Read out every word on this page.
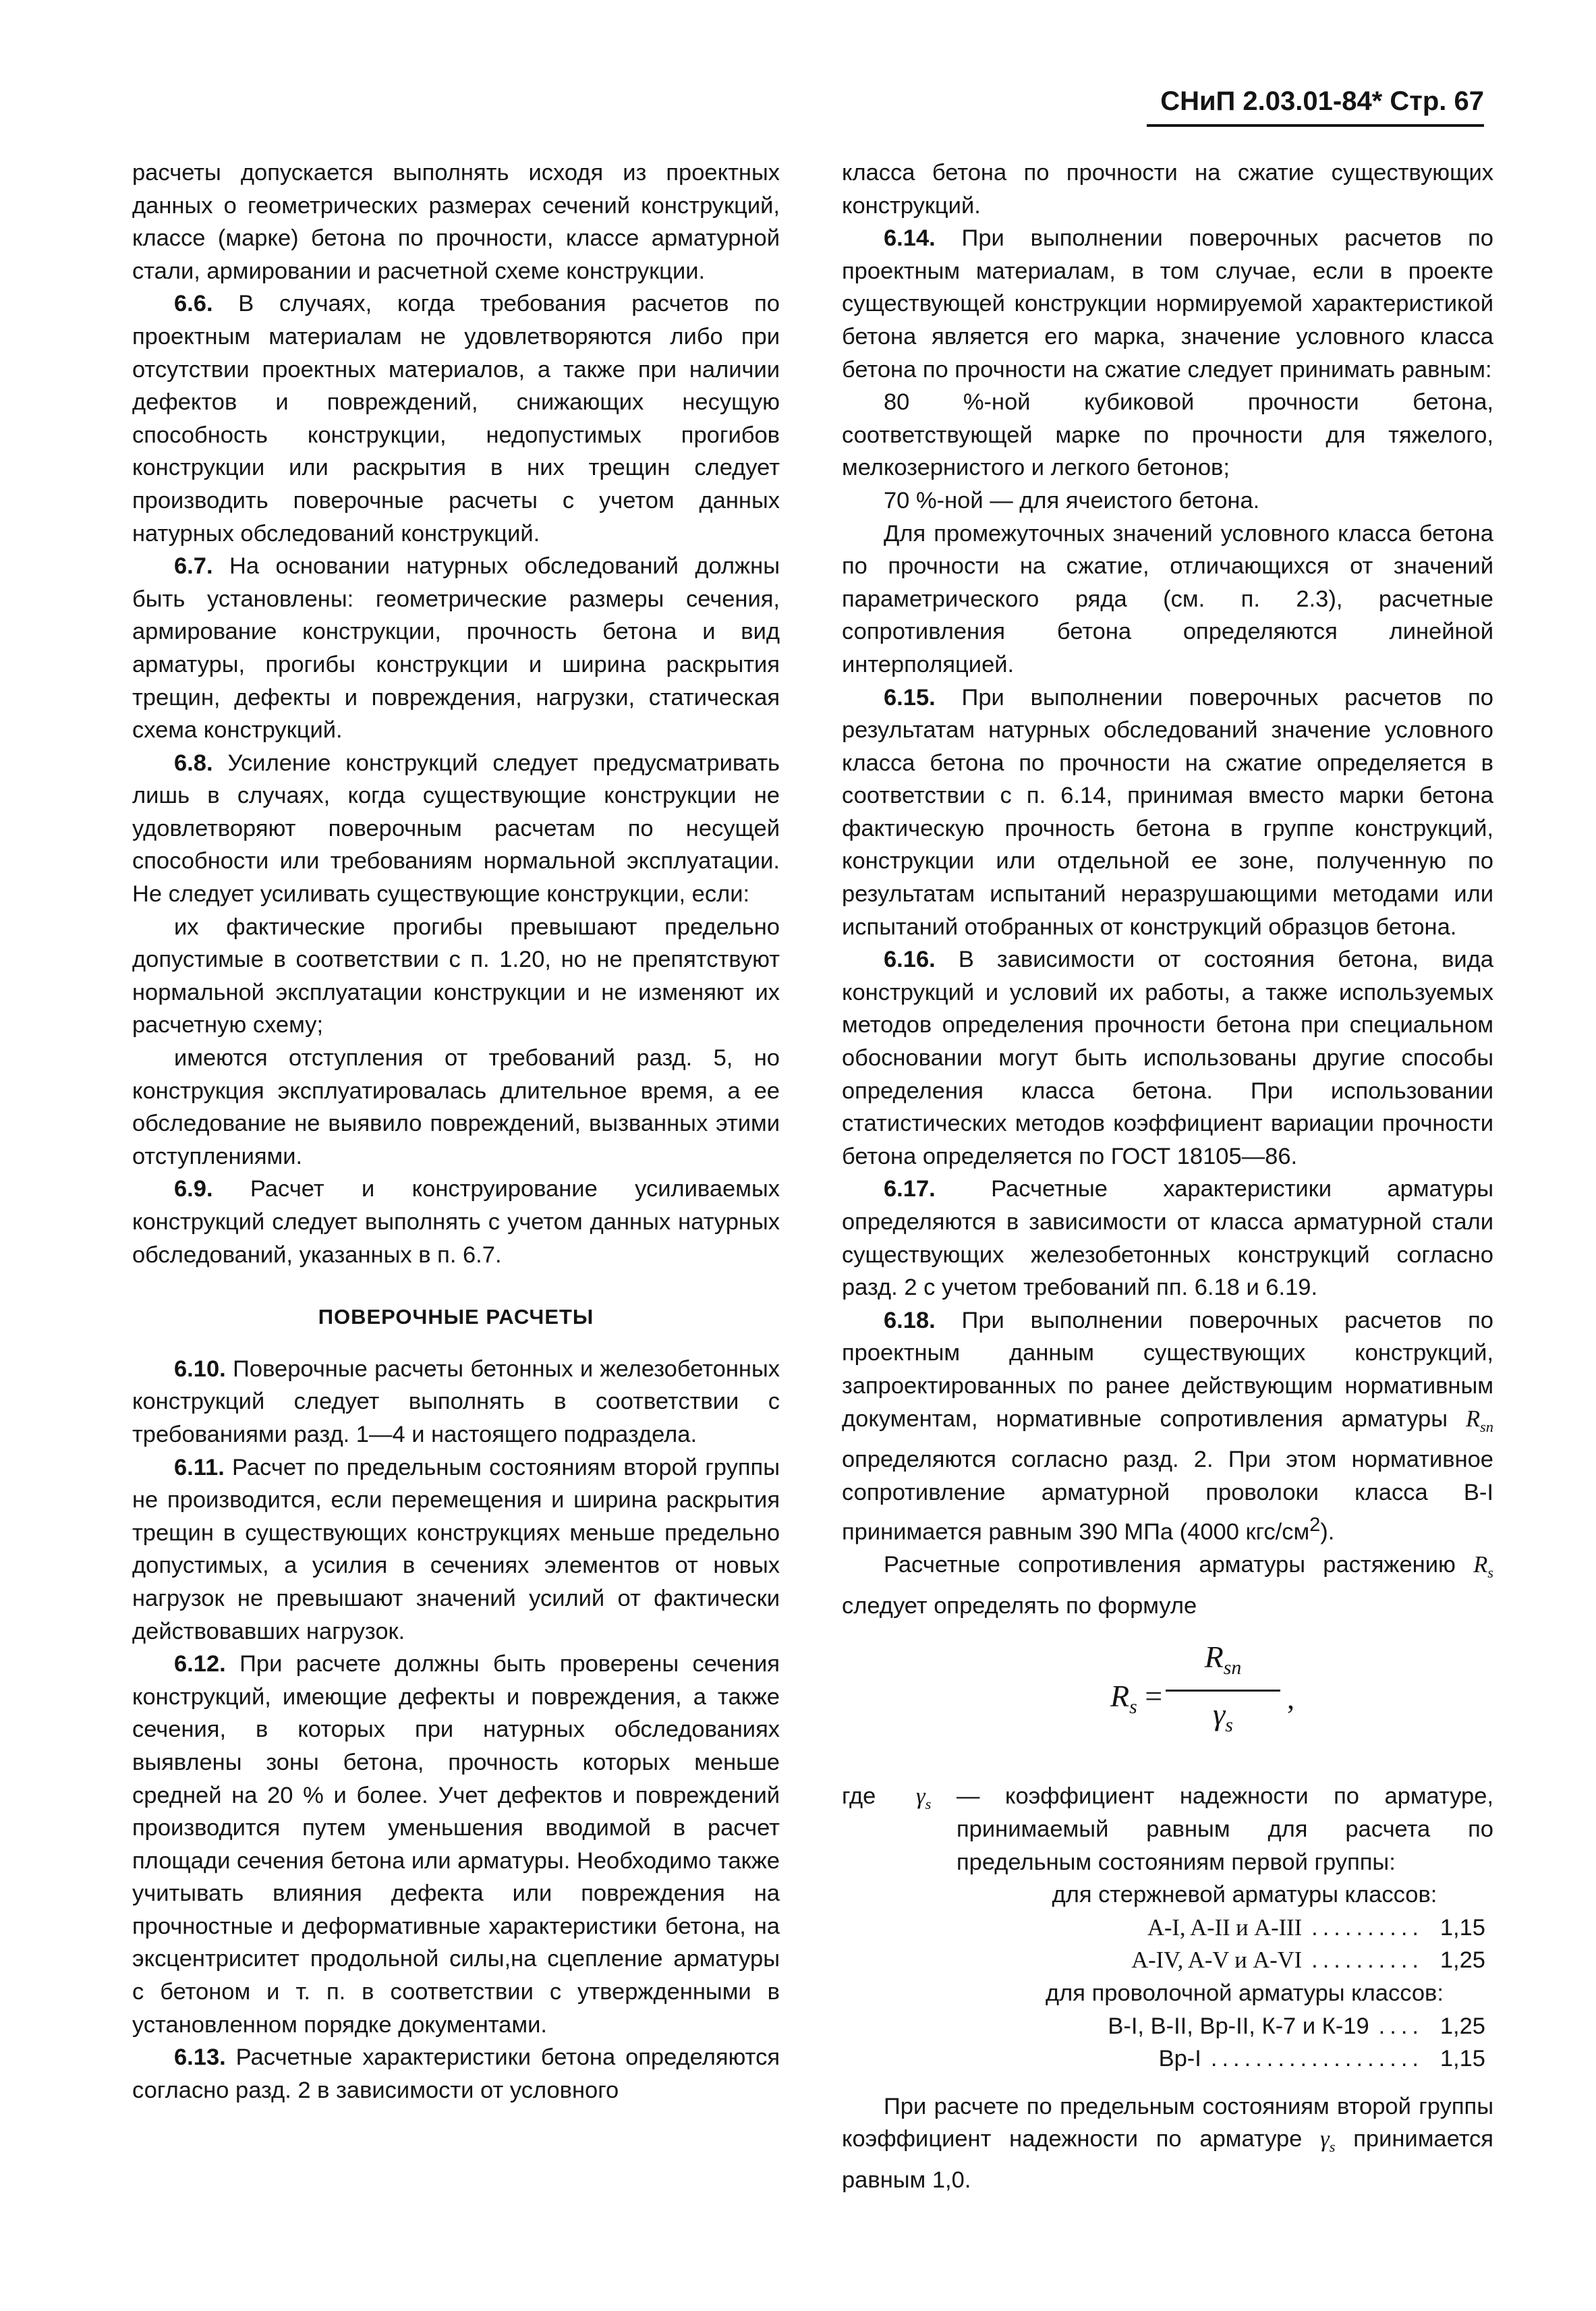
СНиП 2.03.01-84* Стр. 67

расчеты допускается выполнять исходя из проектных данных о геометрических размерах сечений конструкций, классе (марке) бетона по прочности, классе арматурной стали, армировании и расчетной схеме конструкции.

6.6. В случаях, когда требования расчетов по проектным материалам не удовлетворяются либо при отсутствии проектных материалов, а также при наличии дефектов и повреждений, снижающих несущую способность конструкции, недопустимых прогибов конструкции или раскрытия в них трещин следует производить поверочные расчеты с учетом данных натурных обследований конструкций.

6.7. На основании натурных обследований должны быть установлены: геометрические размеры сечения, армирование конструкции, прочность бетона и вид арматуры, прогибы конструкции и ширина раскрытия трещин, дефекты и повреждения, нагрузки, статическая схема конструкций.

6.8. Усиление конструкций следует предусматривать лишь в случаях, когда существующие конструкции не удовлетворяют поверочным расчетам по несущей способности или требованиям нормальной эксплуатации. Не следует усиливать существующие конструкции, если:

их фактические прогибы превышают предельно допустимые в соответствии с п. 1.20, но не препятствуют нормальной эксплуатации конструкции и не изменяют их расчетную схему;

имеются отступления от требований разд. 5, но конструкция эксплуатировалась длительное время, а ее обследование не выявило повреждений, вызванных этими отступлениями.

6.9. Расчет и конструирование усиливаемых конструкций следует выполнять с учетом данных натурных обследований, указанных в п. 6.7.

ПОВЕРОЧНЫЕ РАСЧЕТЫ

6.10. Поверочные расчеты бетонных и железобетонных конструкций следует выполнять в соответствии с требованиями разд. 1—4 и настоящего подраздела.

6.11. Расчет по предельным состояниям второй группы не производится, если перемещения и ширина раскрытия трещин в существующих конструкциях меньше предельно допустимых, а усилия в сечениях элементов от новых нагрузок не превышают значений усилий от фактически действовавших нагрузок.

6.12. При расчете должны быть проверены сечения конструкций, имеющие дефекты и повреждения, а также сечения, в которых при натурных обследованиях выявлены зоны бетона, прочность которых меньше средней на 20 % и более. Учет дефектов и повреждений производится путем уменьшения вводимой в расчет площади сечения бетона или арматуры. Необходимо также учитывать влияния дефекта или повреждения на прочностные и деформативные характеристики бетона, на эксцентриситет продольной силы,на сцепление арматуры с бетоном и т. п. в соответствии с утвержденными в установленном порядке документами.

6.13. Расчетные характеристики бетона определяются согласно разд. 2 в зависимости от условного

класса бетона по прочности на сжатие существующих конструкций.

6.14. При выполнении поверочных расчетов по проектным материалам, в том случае, если в проекте существующей конструкции нормируемой характеристикой бетона является его марка, значение условного класса бетона по прочности на сжатие следует принимать равным:

80 %-ной кубиковой прочности бетона, соответствующей марке по прочности для тяжелого, мелкозернистого и легкого бетонов;

70 %-ной — для ячеистого бетона.

Для промежуточных значений условного класса бетона по прочности на сжатие, отличающихся от значений параметрического ряда (см. п. 2.3), расчетные сопротивления бетона определяются линейной интерполяцией.

6.15. При выполнении поверочных расчетов по результатам натурных обследований значение условного класса бетона по прочности на сжатие определяется в соответствии с п. 6.14, принимая вместо марки бетона фактическую прочность бетона в группе конструкций, конструкции или отдельной ее зоне, полученную по результатам испытаний неразрушающими методами или испытаний отобранных от конструкций образцов бетона.

6.16. В зависимости от состояния бетона, вида конструкций и условий их работы, а также используемых методов определения прочности бетона при специальном обосновании могут быть использованы другие способы определения класса бетона. При использовании статистических методов коэффициент вариации прочности бетона определяется по ГОСТ 18105—86.

6.17. Расчетные характеристики арматуры определяются в зависимости от класса арматурной стали существующих железобетонных конструкций согласно разд. 2 с учетом требований пп. 6.18 и 6.19.

6.18. При выполнении поверочных расчетов по проектным данным существующих конструкций, запроектированных по ранее действующим нормативным документам, нормативные сопротивления арматуры $R_{sn}$ определяются согласно разд. 2. При этом нормативное сопротивление арматурной проволоки класса В-I принимается равным 390 МПа (4000 кгс/$см^2$).

Расчетные сопротивления арматуры растяжению $R_s$ следует определять по формуле

$R_s$ =
$R_{sn}$
$\gamma_s$
,
где	$\gamma_s$	— коэффициент надежности по арматуре, принимаемый равным для расчета по предельным состояниям первой группы:

для стержневой арматуры классов:
A-I, A-II и A-III .......... 1,15
A-IV, A-V и A-VI .......... 1,25
для проволочной арматуры классов:
В-I, В-II, Вр-II, К-7 и К-19 .... 1,25
Вр-I ................... 1,15

При расчете по предельным состояниям второй группы коэффициент надежности по арматуре $\gamma_s$ принимается равным 1,0.
